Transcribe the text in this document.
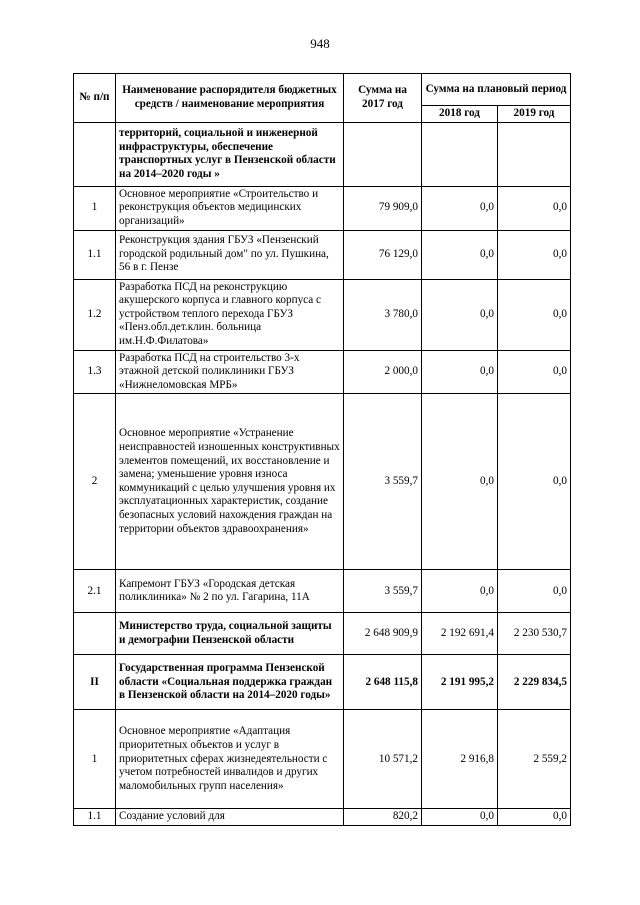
948
№ п/п	Наименование распорядителя бюджетных средств / наименование мероприятия	Сумма на 2017 год	Сумма на плановый период	
			2018 год	2019 год
	территорий, социальной и инженерной инфраструктуры, обеспечение транспортных услуг в Пензенской области на 2014–2020 годы »			
1	Основное мероприятие «Строительство и реконструкция объектов медицинских организаций»	79 909,0	0,0	0,0
1.1	Реконструкция здания ГБУЗ «Пензенский городской родильный дом" по ул. Пушкина, 56 в г. Пензе	76 129,0	0,0	0,0
1.2	Разработка ПСД на реконструкцию акушерского корпуса и главного корпуса с устройством теплого перехода ГБУЗ «Пенз.обл.дет.клин. больница им.Н.Ф.Филатова»	3 780,0	0,0	0,0
1.3	Разработка ПСД на строительство 3-х этажной детской поликлиники ГБУЗ «Нижнеломовская МРБ»	2 000,0	0,0	0,0
2	Основное мероприятие «Устранение неисправностей изношенных конструктивных элементов помещений, их восстановление и замена; уменьшение уровня износа коммуникаций с целью улучшения уровня их эксплуатационных характеристик, создание безопасных условий нахождения граждан на территории объектов здравоохранения»	3 559,7	0,0	0,0
2.1	Капремонт ГБУЗ «Городская детская поликлиника» № 2 по ул. Гагарина, 11А	3 559,7	0,0	0,0
	Министерство труда, социальной защиты и демографии Пензенской области	2 648 909,9	2 192 691,4	2 230 530,7
II	Государственная программа Пензенской области «Социальная поддержка граждан в Пензенской области на 2014–2020 годы»	2 648 115,8	2 191 995,2	2 229 834,5
1	Основное мероприятие «Адаптация приоритетных объектов и услуг в приоритетных сферах жизнедеятельности с учетом потребностей инвалидов и других маломобильных групп населения»	10 571,2	2 916,8	2 559,2
1.1	Создание условий для	820,2	0,0	0,0
